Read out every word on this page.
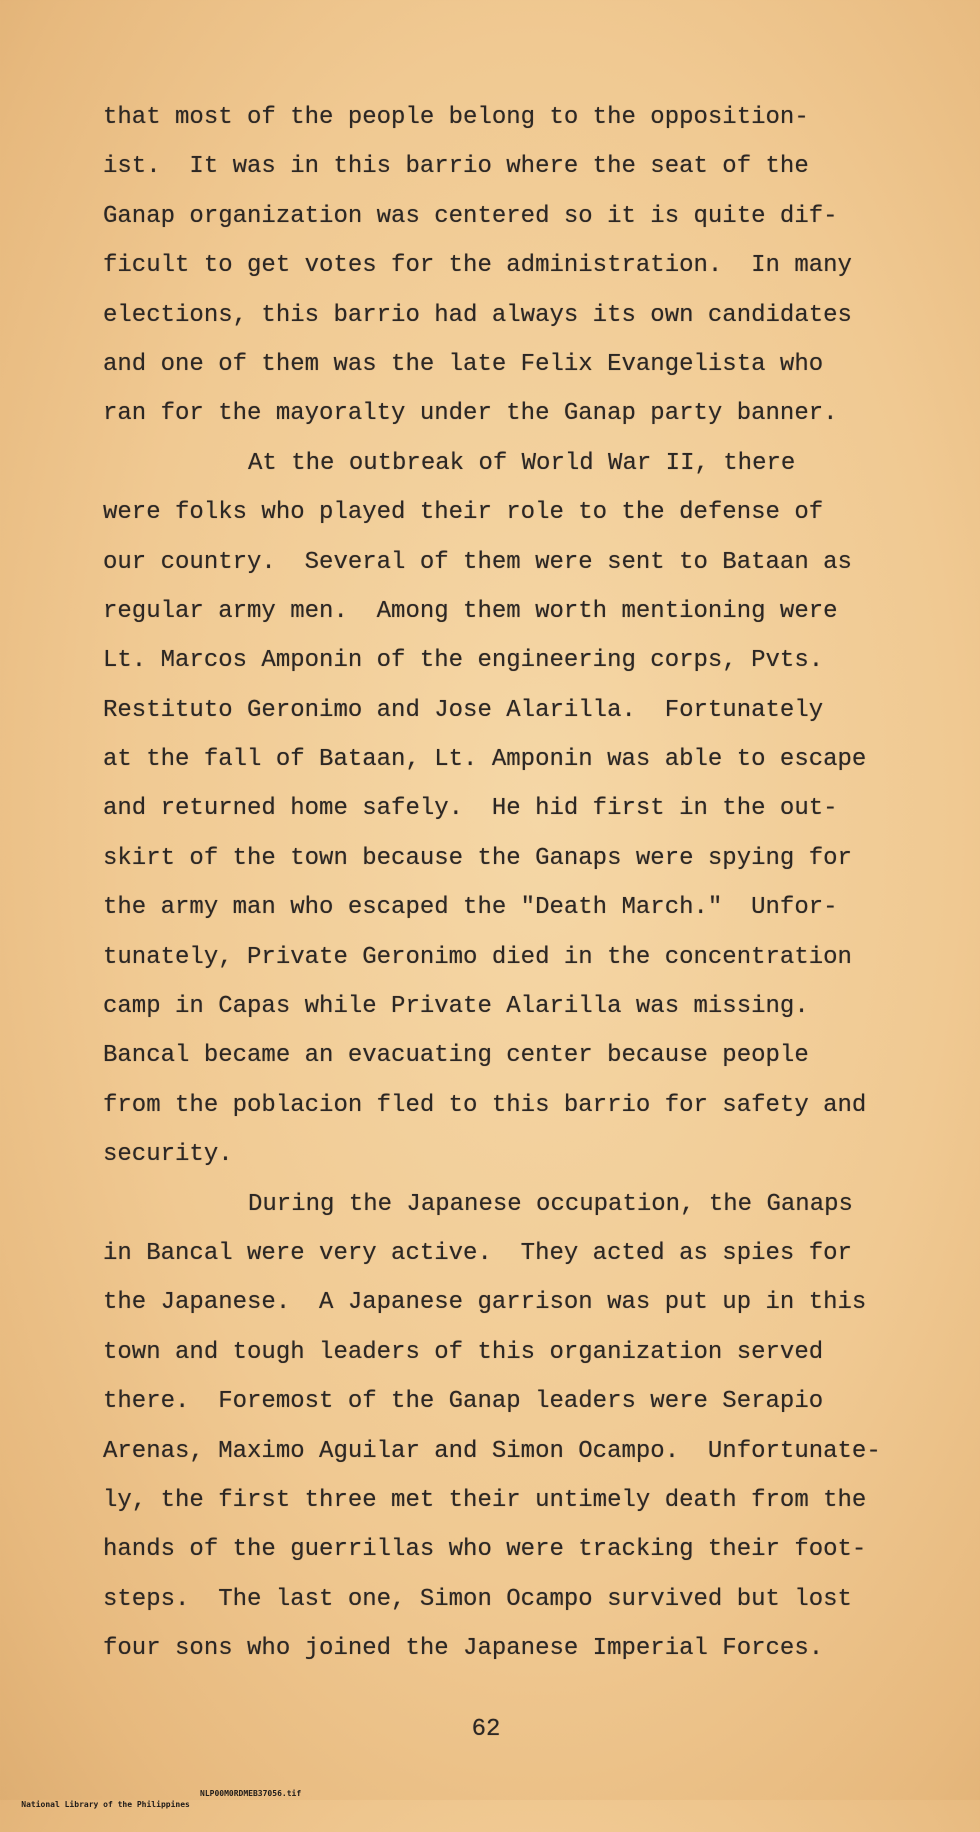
that most of the people belong to the opposition-
ist.  It was in this barrio where the seat of the
Ganap organization was centered so it is quite dif-
ficult to get votes for the administration.  In many
elections, this barrio had always its own candidates
and one of them was the late Felix Evangelista who
ran for the mayoralty under the Ganap party banner.
At the outbreak of World War II, there
were folks who played their role to the defense of
our country.  Several of them were sent to Bataan as
regular army men.  Among them worth mentioning were
Lt. Marcos Amponin of the engineering corps, Pvts.
Restituto Geronimo and Jose Alarilla.  Fortunately
at the fall of Bataan, Lt. Amponin was able to escape
and returned home safely.  He hid first in the out-
skirt of the town because the Ganaps were spying for
the army man who escaped the "Death March."  Unfor-
tunately, Private Geronimo died in the concentration
camp in Capas while Private Alarilla was missing.
Bancal became an evacuating center because people
from the poblacion fled to this barrio for safety and
security.
During the Japanese occupation, the Ganaps
in Bancal were very active.  They acted as spies for
the Japanese.  A Japanese garrison was put up in this
town and tough leaders of this organization served
there.  Foremost of the Ganap leaders were Serapio
Arenas, Maximo Aguilar and Simon Ocampo.  Unfortunate-
ly, the first three met their untimely death from the
hands of the guerrillas who were tracking their foot-
steps.  The last one, Simon Ocampo survived but lost
four sons who joined the Japanese Imperial Forces.
62

National Library of the Philippines

NLP00M0RDMEB37056.tif
